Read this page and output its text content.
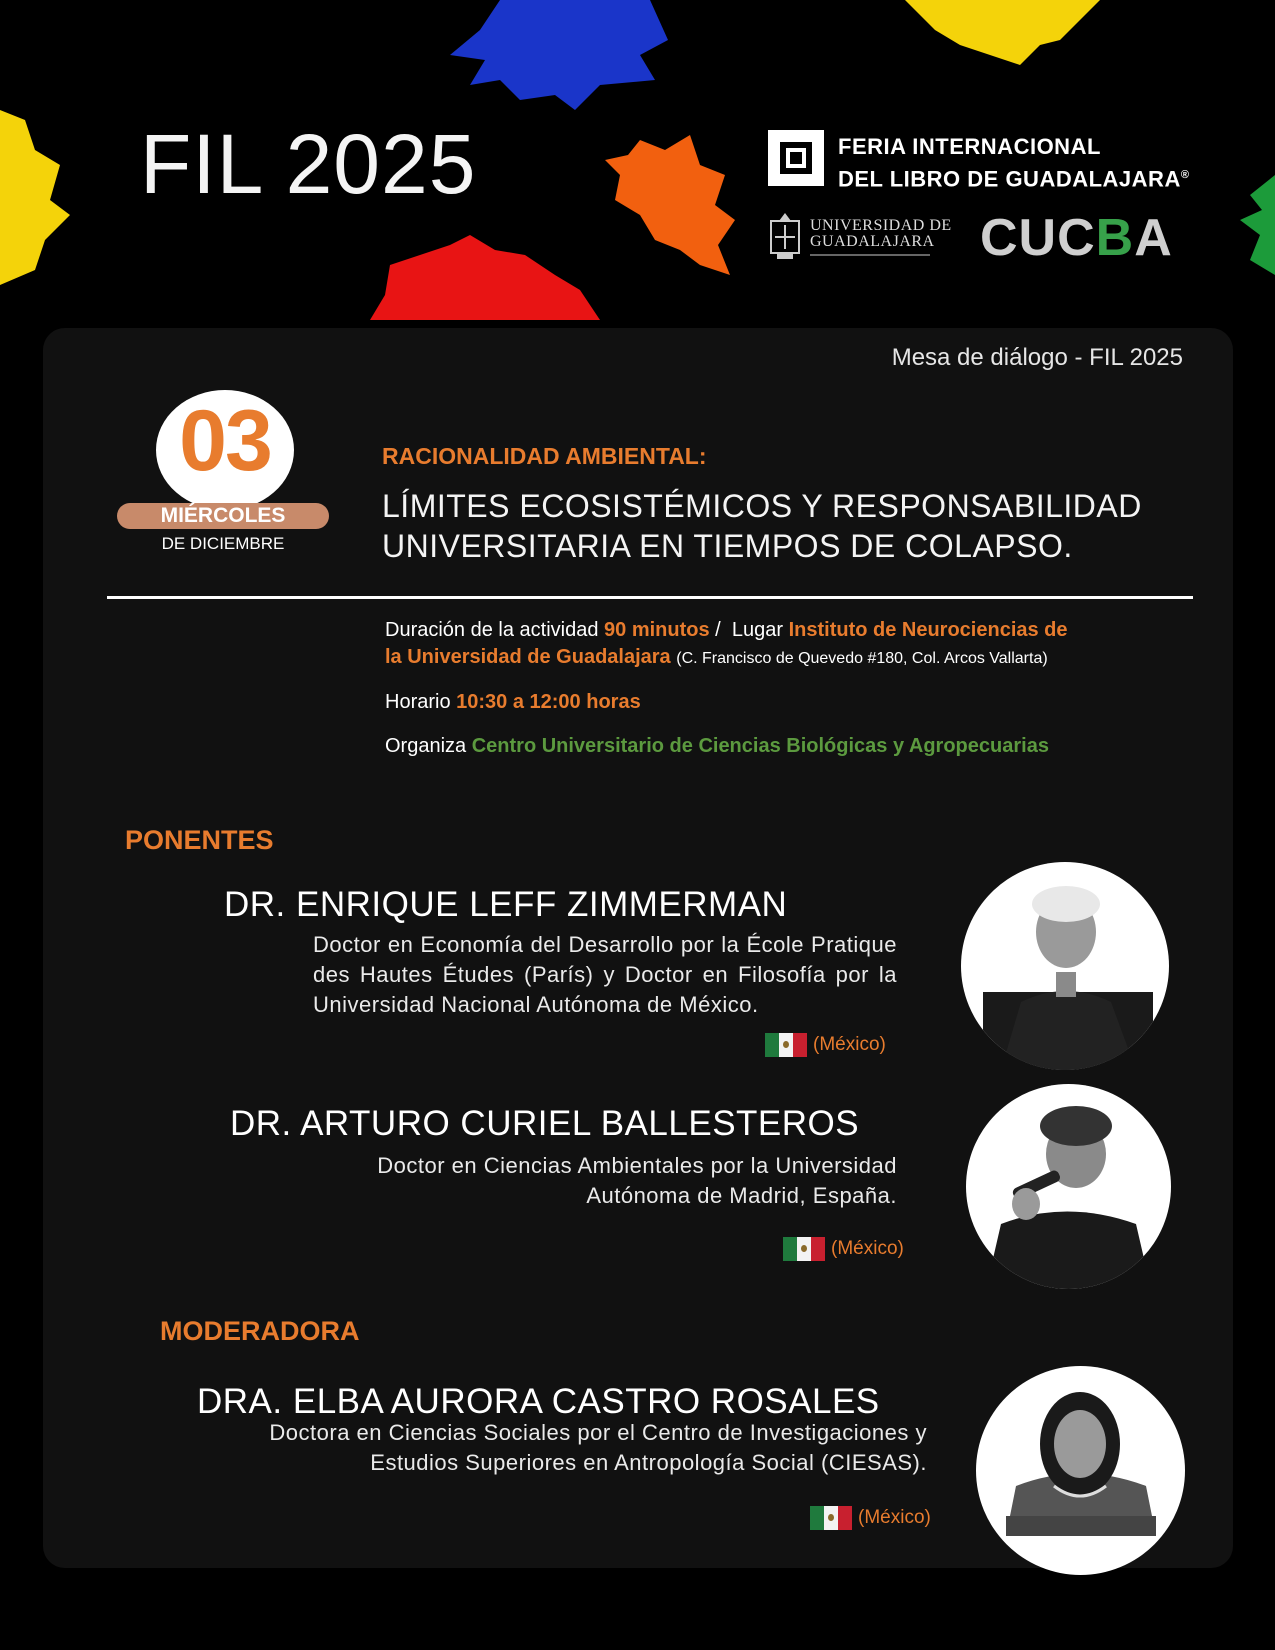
FIL 2025	FERIA INTERNACIONAL
DEL LIBRO DE GUADALAJARA®
UNIVERSIDAD DE
GUADALAJARA CUCBA
Mesa de diálogo - FIL 2025
03
MIÉRCOLES
DE DICIEMBRE
RACIONALIDAD AMBIENTAL:
LÍMITES ECOSISTÉMICOS Y RESPONSABILIDAD
UNIVERSITARIA EN TIEMPOS DE COLAPSO.
Duración de la actividad 90 minutos / Lugar Instituto de Neurociencias de
la Universidad de Guadalajara (C. Francisco de Quevedo #180, Col. Arcos Vallarta)
Horario 10:30 a 12:00 horas
Organiza Centro Universitario de Ciencias Biológicas y Agropecuarias
PONENTES
DR. ENRIQUE LEFF ZIMMERMAN
Doctor en Economía del Desarrollo por la École Pratique des Hautes Études (París) y Doctor en Filosofía por la Universidad Nacional Autónoma de México.
(México)
DR. ARTURO CURIEL BALLESTEROS
Doctor en Ciencias Ambientales por la Universidad
Autónoma de Madrid, España.
(México)
MODERADORA
DRA. ELBA AURORA CASTRO ROSALES
Doctora en Ciencias Sociales por el Centro de Investigaciones y
Estudios Superiores en Antropología Social (CIESAS).
(México)
